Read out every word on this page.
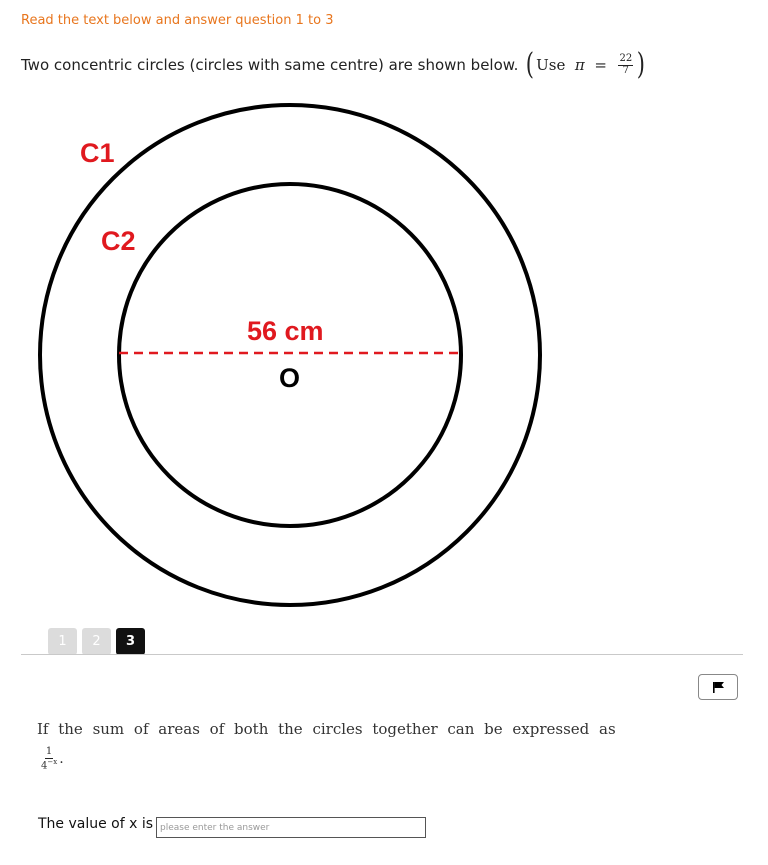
Read the text below and answer question 1 to 3
Two concentric circles (circles with same centre) are shown below. ( Use
π
=
$\frac{22}{7}$ )
C1
C2
56 cm
O
1	2	3
If the sum of areas of both the circles together can be expressed as
$\frac{1}{4^{-x}}$ .
The value of x is
please enter the answer
